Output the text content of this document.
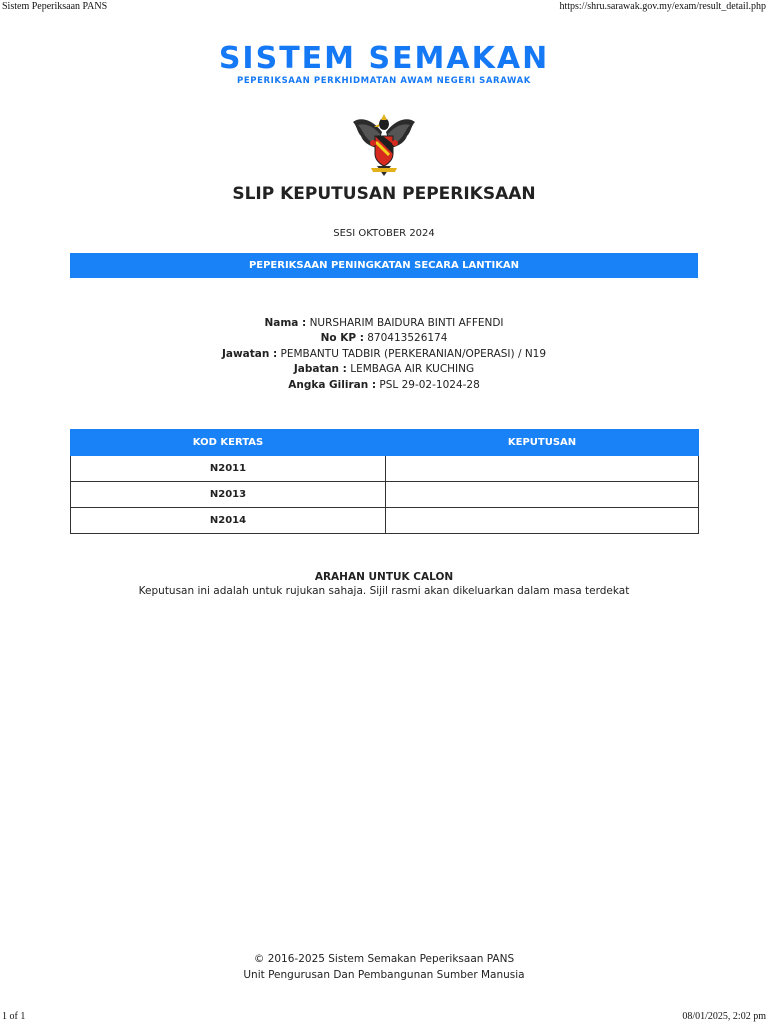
Sistem Peperiksaan PANS	https://shru.sarawak.gov.my/exam/result_detail.php
SISTEM SEMAKAN
PEPERIKSAAN PERKHIDMATAN AWAM NEGERI SARAWAK
SLIP KEPUTUSAN PEPERIKSAAN
SESI OKTOBER 2024
PEPERIKSAAN PENINGKATAN SECARA LANTIKAN
Nama : NURSHARIM BAIDURA BINTI AFFENDI
No KP : 870413526174
Jawatan : PEMBANTU TADBIR (PERKERANIAN/OPERASI) / N19
Jabatan : LEMBAGA AIR KUCHING
Angka Giliran : PSL 29-02-1024-28
KOD KERTAS	KEPUTUSAN
N2011	
N2013	
N2014	
ARAHAN UNTUK CALON
Keputusan ini adalah untuk rujukan sahaja. Sijil rasmi akan dikeluarkan dalam masa terdekat
© 2016-2025 Sistem Semakan Peperiksaan PANS
Unit Pengurusan Dan Pembangunan Sumber Manusia
1 of 1	08/01/2025, 2:02 pm
